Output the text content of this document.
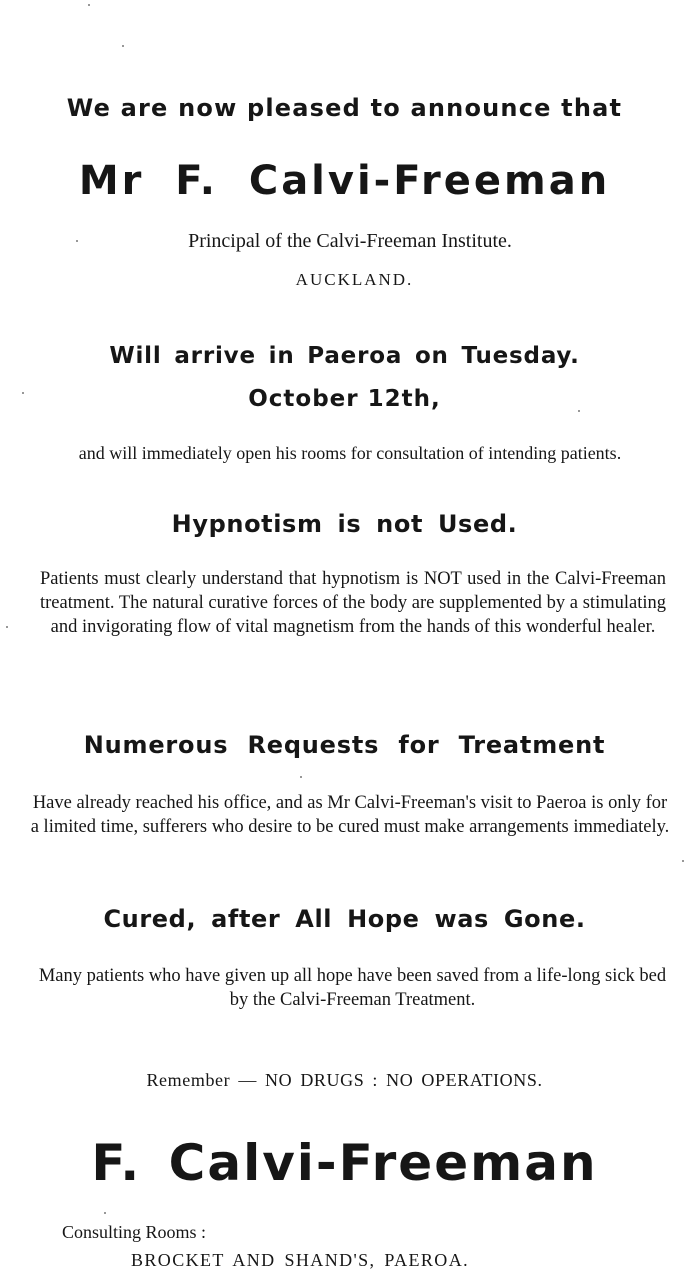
We are now pleased to announce that
Mr F. Calvi-Freeman
Principal of the Calvi-Freeman Institute.
AUCKLAND.
Will arrive in Paeroa on Tuesday.
October 12th,
and will immediately open his rooms for consultation of intending patients.
Hypnotism is not Used.
Patients must clearly understand that hypnotism is NOT used in the Calvi-Freeman treatment. The natural curative forces of the body are supplemented by a stimulating and invigorating flow of vital magnetism from the hands of this wonderful healer.
Numerous Requests for Treatment
Have already reached his office, and as Mr Calvi-Freeman's visit to Paeroa is only for a limited time, sufferers who desire to be cured must make arrangements immediately.
Cured, after All Hope was Gone.
Many patients who have given up all hope have been saved from a life-long sick bed by the Calvi-Freeman Treatment.
Remember — NO DRUGS : NO OPERATIONS.
F. Calvi-Freeman
Consulting Rooms :
BROCKET AND SHAND'S, PAEROA.
